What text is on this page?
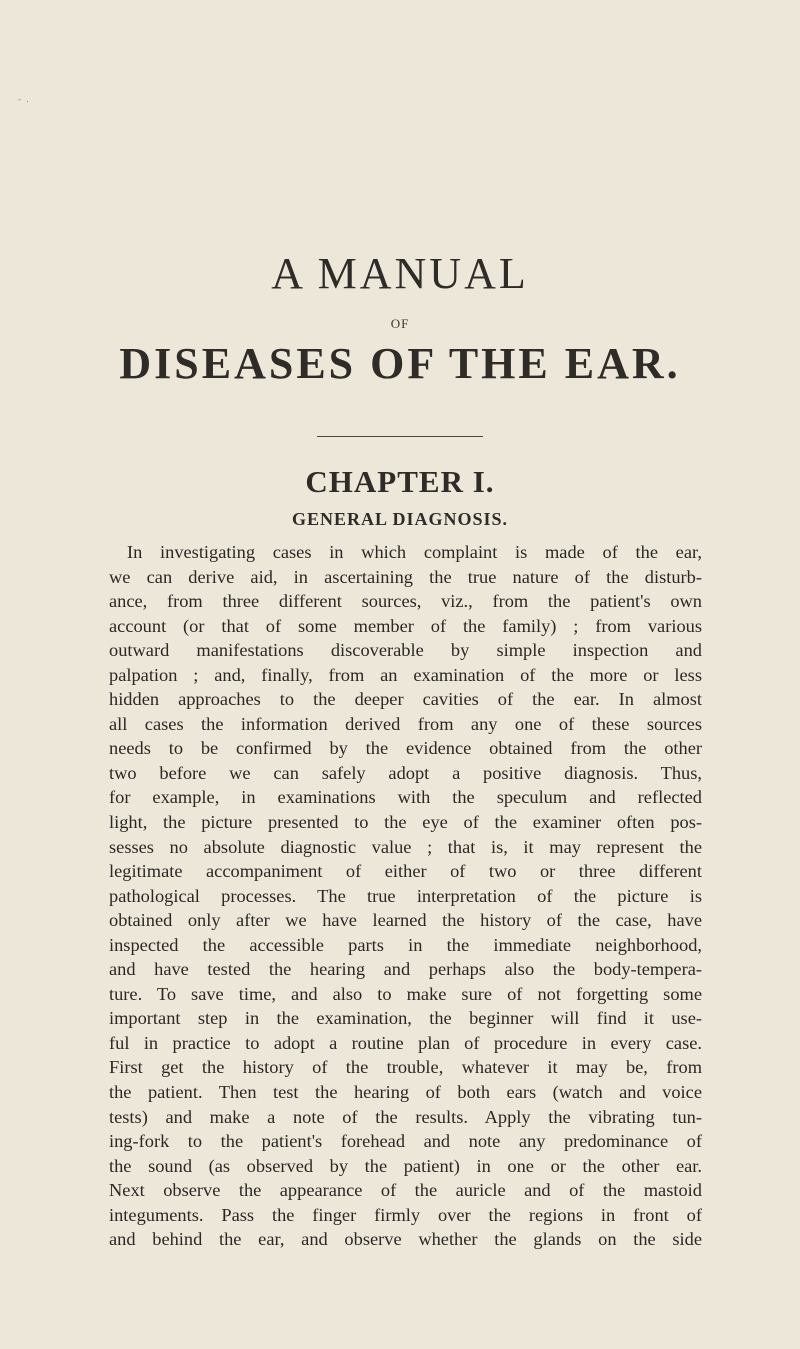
- .
A MANUAL
OF
DISEASES OF THE EAR.
CHAPTER I.
GENERAL DIAGNOSIS.
In investigating cases in which complaint is made of the ear,
we can derive aid, in ascertaining the true nature of the disturb-
ance, from three different sources, viz., from the patient's own
account (or that of some member of the family) ; from various
outward manifestations discoverable by simple inspection and
palpation ; and, finally, from an examination of the more or less
hidden approaches to the deeper cavities of the ear. In almost
all cases the information derived from any one of these sources
needs to be confirmed by the evidence obtained from the other
two before we can safely adopt a positive diagnosis. Thus,
for example, in examinations with the speculum and reflected
light, the picture presented to the eye of the examiner often pos-
sesses no absolute diagnostic value ; that is, it may represent the
legitimate accompaniment of either of two or three different
pathological processes. The true interpretation of the picture is
obtained only after we have learned the history of the case, have
inspected the accessible parts in the immediate neighborhood,
and have tested the hearing and perhaps also the body-tempera-
ture. To save time, and also to make sure of not forgetting some
important step in the examination, the beginner will find it use-
ful in practice to adopt a routine plan of procedure in every case.
First get the history of the trouble, whatever it may be, from
the patient. Then test the hearing of both ears (watch and voice
tests) and make a note of the results. Apply the vibrating tun-
ing-fork to the patient's forehead and note any predominance of
the sound (as observed by the patient) in one or the other ear.
Next observe the appearance of the auricle and of the mastoid
integuments. Pass the finger firmly over the regions in front of
and behind the ear, and observe whether the glands on the side
